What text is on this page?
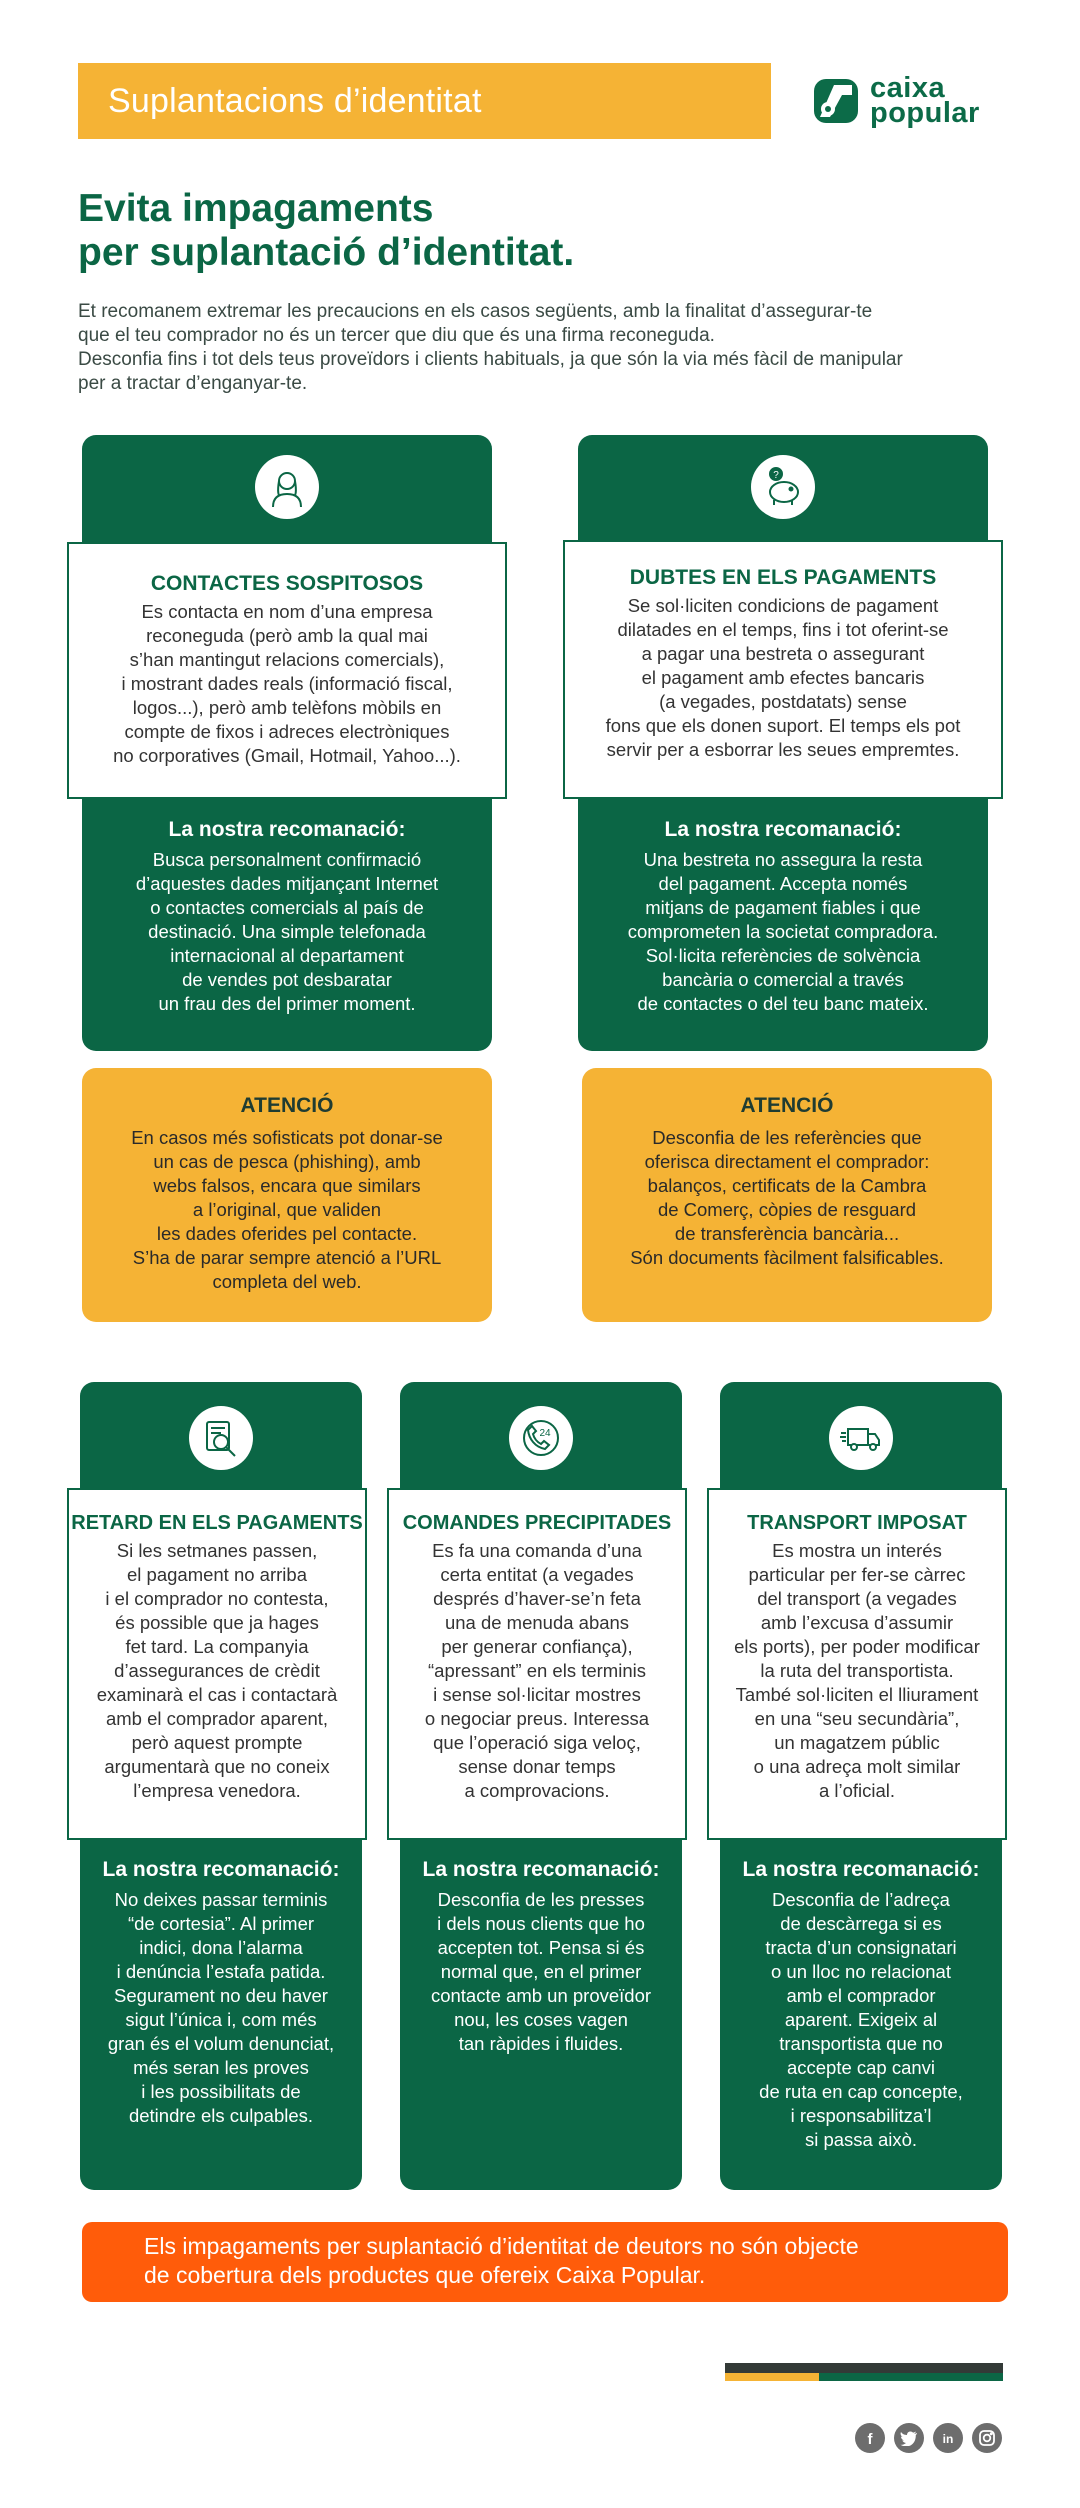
Suplantacions d’identitat	caixa
popular
Evita impagaments
per suplantació d’identitat.
Et recomanem extremar les precaucions en els casos següents, amb la finalitat d’assegurar-te
que el teu comprador no és un tercer que diu que és una firma reconeguda.
Desconfia fins i tot dels teus proveïdors i clients habituals, ja que són la via més fàcil de manipular
per a tractar d’enganyar-te.
CONTACTES SOSPITOSOS

Es contacta en nom d’una empresa
reconeguda (però amb la qual mai
s’han mantingut relacions comercials),
i mostrant dades reals (informació fiscal,
logos...), però amb telèfons mòbils en
compte de fixos i adreces electròniques
no corporatives (Gmail, Hotmail, Yahoo...).

La nostra recomanació:

Busca personalment confirmació
d’aquestes dades mitjançant Internet
o contactes comercials al país de
destinació. Una simple telefonada
internacional al departament
de vendes pot desbaratar
un frau des del primer moment.

ATENCIÓ

En casos més sofisticats pot donar-se
un cas de pesca (phishing), amb
webs falsos, encara que similars
a l’original, que validen
les dades oferides pel contacte.
S’ha de parar sempre atenció a l’URL
completa del web.

?
DUBTES EN ELS PAGAMENTS

Se sol·liciten condicions de pagament
dilatades en el temps, fins i tot oferint-se
a pagar una bestreta o assegurant
el pagament amb efectes bancaris
(a vegades, postdatats) sense
fons que els donen suport. El temps els pot
servir per a esborrar les seues empremtes.

La nostra recomanació:

Una bestreta no assegura la resta
del pagament. Accepta només
mitjans de pagament fiables i que
comprometen la societat compradora.
Sol·licita referències de solvència
bancària o comercial a través
de contactes o del teu banc mateix.

ATENCIÓ

Desconfia de les referències que
oferisca directament el comprador:
balanços, certificats de la Cambra
de Comerç, còpies de resguard
de transferència bancària...
Són documents fàcilment falsificables.

RETARD EN ELS PAGAMENTS

Si les setmanes passen,
el pagament no arriba
i el comprador no contesta,
és possible que ja hages
fet tard. La companyia
d’assegurances de crèdit
examinarà el cas i contactarà
amb el comprador aparent,
però aquest prompte
argumentarà que no coneix
l’empresa venedora.

La nostra recomanació:

No deixes passar terminis
“de cortesia”. Al primer
indici, dona l’alarma
i denúncia l’estafa patida.
Segurament no deu haver
sigut l’única i, com més
gran és el volum denunciat,
més seran les proves
i les possibilitats de
detindre els culpables.

24
COMANDES PRECIPITADES

Es fa una comanda d’una
certa entitat (a vegades
després d’haver-se’n feta
una de menuda abans
per generar confiança),
“apressant” en els terminis
i sense sol·licitar mostres
o negociar preus. Interessa
que l’operació siga veloç,
sense donar temps
a comprovacions.

La nostra recomanació:

Desconfia de les presses
i dels nous clients que ho
accepten tot. Pensa si és
normal que, en el primer
contacte amb un proveïdor
nou, les coses vagen
tan ràpides i fluides.

TRANSPORT IMPOSAT

Es mostra un interés
particular per fer-se càrrec
del transport (a vegades
amb l’excusa d’assumir
els ports), per poder modificar
la ruta del transportista.
També sol·liciten el lliurament
en una “seu secundària”,
un magatzem públic
o una adreça molt similar
a l’oficial.

La nostra recomanació:

Desconfia de l’adreça
de descàrrega si es
tracta d’un consignatari
o un lloc no relacionat
amb el comprador
aparent. Exigeix al
transportista que no
accepte cap canvi
de ruta en cap concepte,
i responsabilitza’l
si passa això.

Els impagaments per suplantació d’identitat de deutors no són objecte
de cobertura dels productes que ofereix Caixa Popular.

f	in
